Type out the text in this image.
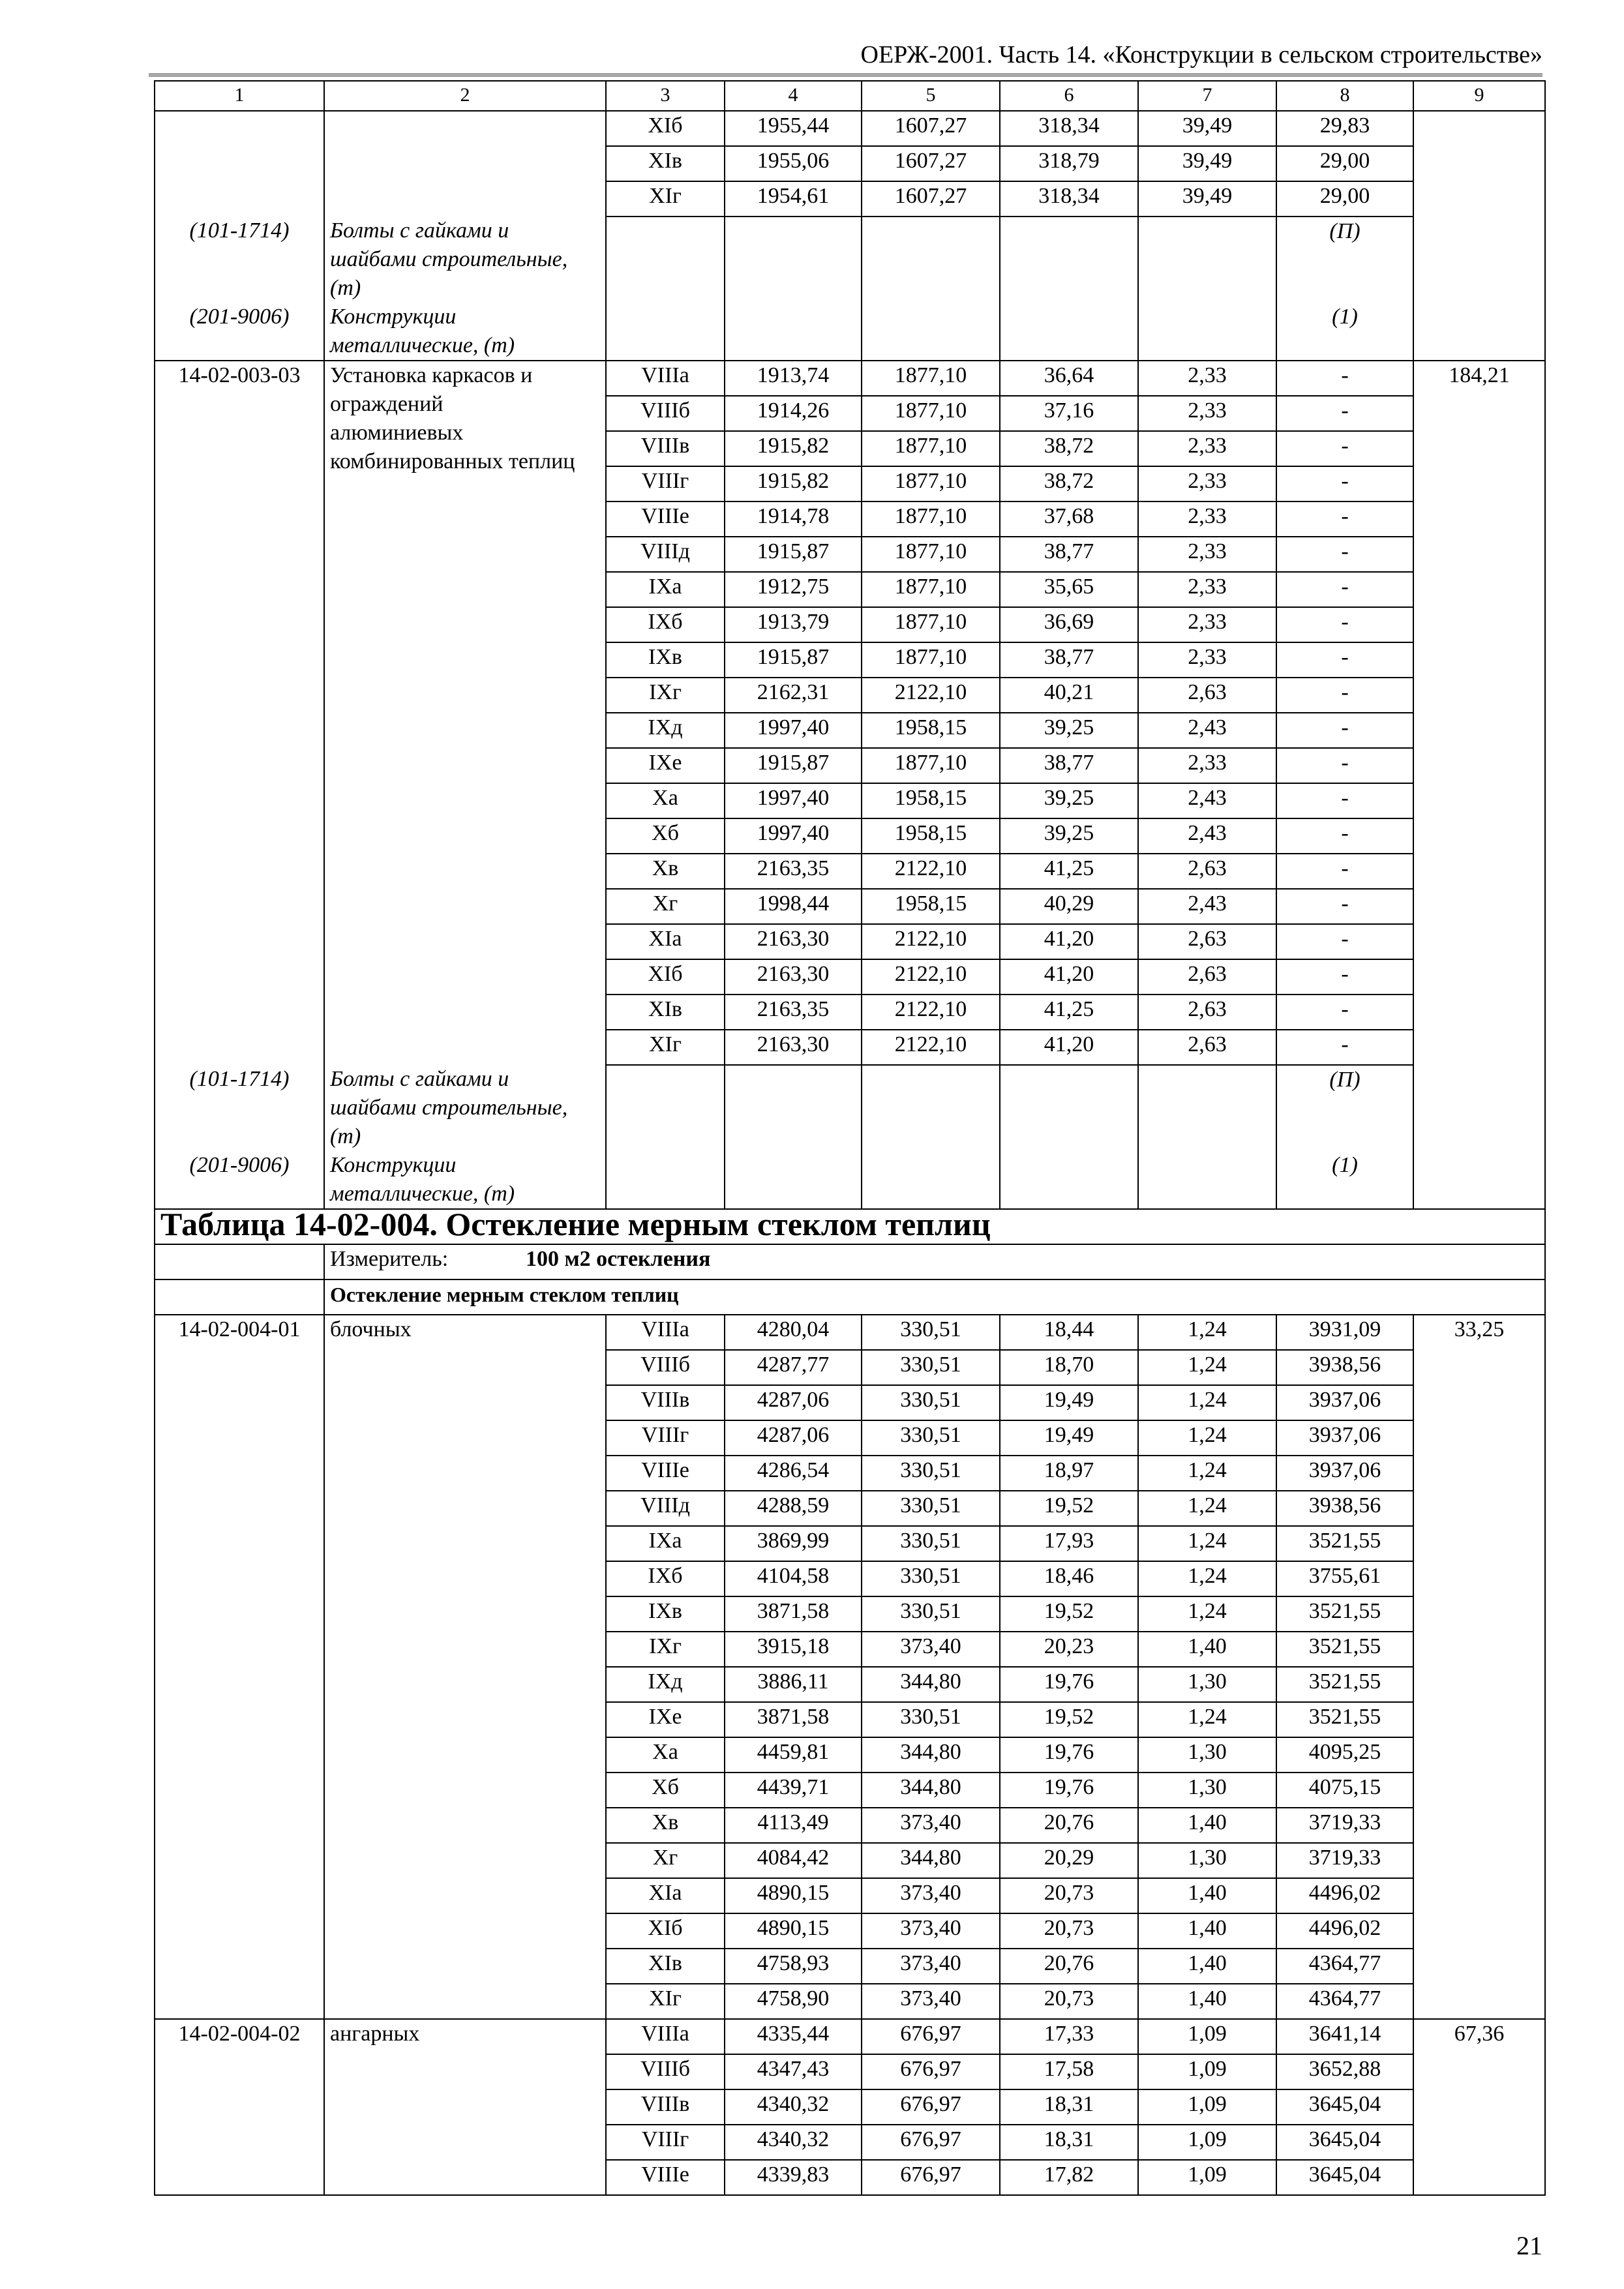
ОЕРЖ-2001. Часть 14. «Конструкции в сельском строительстве»
1	2	3	4	5	6	7	8	9
		XIб	1955,44	1607,27	318,34	39,49	29,83	
		XIв	1955,06	1607,27	318,79	39,49	29,00	
		XIг	1954,61	1607,27	318,34	39,49	29,00	
(101-1714)	Болты с гайками и
шайбами строительные,
(т)						(П)	
(201-9006)	Конструкции
металлические, (т)						(1)	
14-02-003-03	Установка каркасов и
ограждений
алюминиевых
комбинированных теплиц	VIIIа	1913,74	1877,10	36,64	2,33	-	184,21
		VIIIб	1914,26	1877,10	37,16	2,33	-	
		VIIIв	1915,82	1877,10	38,72	2,33	-	
		VIIIг	1915,82	1877,10	38,72	2,33	-	
		VIIIе	1914,78	1877,10	37,68	2,33	-	
		VIIIд	1915,87	1877,10	38,77	2,33	-	
		IXа	1912,75	1877,10	35,65	2,33	-	
		IXб	1913,79	1877,10	36,69	2,33	-	
		IXв	1915,87	1877,10	38,77	2,33	-	
		IXг	2162,31	2122,10	40,21	2,63	-	
		IXд	1997,40	1958,15	39,25	2,43	-	
		IXе	1915,87	1877,10	38,77	2,33	-	
		Xа	1997,40	1958,15	39,25	2,43	-	
		Xб	1997,40	1958,15	39,25	2,43	-	
		Xв	2163,35	2122,10	41,25	2,63	-	
		Xг	1998,44	1958,15	40,29	2,43	-	
		XIа	2163,30	2122,10	41,20	2,63	-	
		XIб	2163,30	2122,10	41,20	2,63	-	
		XIв	2163,35	2122,10	41,25	2,63	-	
		XIг	2163,30	2122,10	41,20	2,63	-	
(101-1714)	Болты с гайками и
шайбами строительные,
(т)						(П)	
(201-9006)	Конструкции
металлические, (т)						(1)	
Таблица 14-02-004. Остекление мерным стеклом теплиц								
	Измеритель: 100 м2 остекления							
	Остекление мерным стеклом теплиц							
14-02-004-01	блочных	VIIIа	4280,04	330,51	18,44	1,24	3931,09	33,25
		VIIIб	4287,77	330,51	18,70	1,24	3938,56	
		VIIIв	4287,06	330,51	19,49	1,24	3937,06	
		VIIIг	4287,06	330,51	19,49	1,24	3937,06	
		VIIIе	4286,54	330,51	18,97	1,24	3937,06	
		VIIIд	4288,59	330,51	19,52	1,24	3938,56	
		IXа	3869,99	330,51	17,93	1,24	3521,55	
		IXб	4104,58	330,51	18,46	1,24	3755,61	
		IXв	3871,58	330,51	19,52	1,24	3521,55	
		IXг	3915,18	373,40	20,23	1,40	3521,55	
		IXд	3886,11	344,80	19,76	1,30	3521,55	
		IXе	3871,58	330,51	19,52	1,24	3521,55	
		Xа	4459,81	344,80	19,76	1,30	4095,25	
		Xб	4439,71	344,80	19,76	1,30	4075,15	
		Xв	4113,49	373,40	20,76	1,40	3719,33	
		Xг	4084,42	344,80	20,29	1,30	3719,33	
		XIа	4890,15	373,40	20,73	1,40	4496,02	
		XIб	4890,15	373,40	20,73	1,40	4496,02	
		XIв	4758,93	373,40	20,76	1,40	4364,77	
		XIг	4758,90	373,40	20,73	1,40	4364,77	
14-02-004-02	ангарных	VIIIа	4335,44	676,97	17,33	1,09	3641,14	67,36
		VIIIб	4347,43	676,97	17,58	1,09	3652,88	
		VIIIв	4340,32	676,97	18,31	1,09	3645,04	
		VIIIг	4340,32	676,97	18,31	1,09	3645,04	
		VIIIе	4339,83	676,97	17,82	1,09	3645,04	
21
